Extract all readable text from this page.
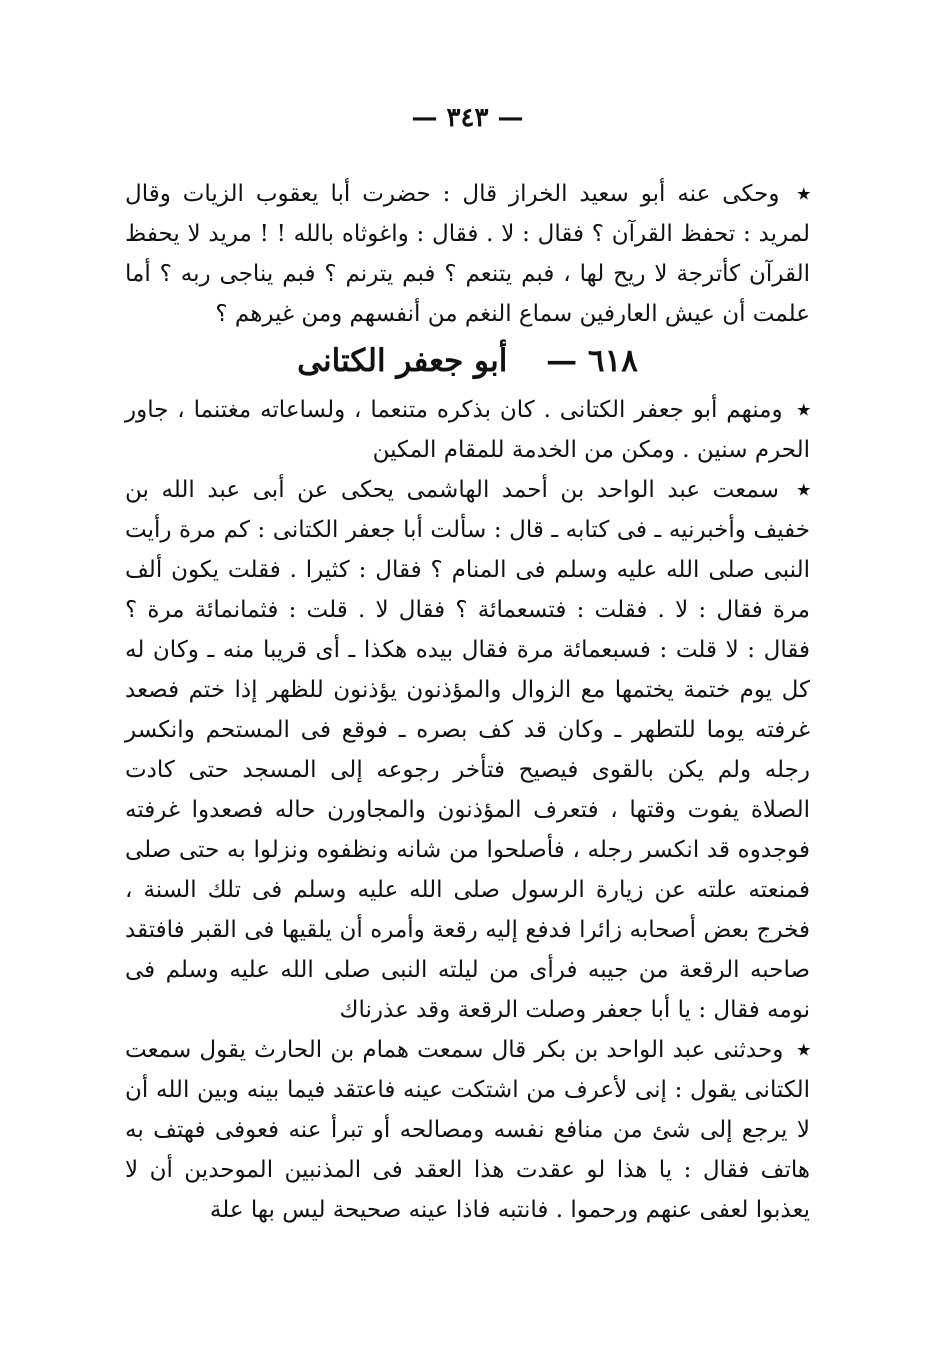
— ٣٤٣ —

٭ وحكى عنه أبو سعيد الخراز قال : حضرت أبا يعقوب الزيات وقال لمريد : تحفظ القرآن ؟ فقال : لا . فقال : واغوثاه بالله ! ! مريد لا يحفظ القرآن كأترجة لا ريح لها ، فبم يتنعم ؟ فبم يترنم ؟ فبم يناجى ربه ؟ أما علمت أن عيش العارفين سماع النغم من أنفسهم ومن غيرهم ؟

٦١٨ — أبو جعفر الكتانى

٭ ومنهم أبو جعفر الكتانى . كان بذكره متنعما ، ولساعاته مغتنما ، جاور الحرم سنين . ومكن من الخدمة للمقام المكين

٭ سمعت عبد الواحد بن أحمد الهاشمى يحكى عن أبى عبد الله بن خفيف وأخبرنيه ـ فى كتابه ـ قال : سألت أبا جعفر الكتانى : كم مرة رأيت النبى صلى الله عليه وسلم فى المنام ؟ فقال : كثيرا . فقلت يكون ألف مرة فقال : لا . فقلت : فتسعمائة ؟ فقال لا . قلت : فثمانمائة مرة ؟ فقال : لا قلت : فسبعمائة مرة فقال بيده هكذا ـ أى قريبا منه ـ وكان له كل يوم ختمة يختمها مع الزوال والمؤذنون يؤذنون للظهر إذا ختم فصعد غرفته يوما للتطهر ـ وكان قد كف بصره ـ فوقع فى المستحم وانكسر رجله ولم يكن بالقوى فيصيح فتأخر رجوعه إلى المسجد حتى كادت الصلاة يفوت وقتها ، فتعرف المؤذنون والمجاورن حاله فصعدوا غرفته فوجدوه قد انكسر رجله ، فأصلحوا من شانه ونظفوه ونزلوا به حتى صلى فمنعته علته عن زيارة الرسول صلى الله عليه وسلم فى تلك السنة ، فخرج بعض أصحابه زائرا فدفع إليه رقعة وأمره أن يلقيها فى القبر فافتقد صاحبه الرقعة من جيبه فرأى من ليلته النبى صلى الله عليه وسلم فى نومه فقال : يا أبا جعفر وصلت الرقعة وقد عذرناك

٭ وحدثنى عبد الواحد بن بكر قال سمعت همام بن الحارث يقول سمعت الكتانى يقول : إنى لأعرف من اشتكت عينه فاعتقد فيما بينه وبين الله أن لا يرجع إلى شئ من منافع نفسه ومصالحه أو تبرأ عنه فعوفى فهتف به هاتف فقال : يا هذا لو عقدت هذا العقد فى المذنبين الموحدين أن لا يعذبوا لعفى عنهم ورحموا . فانتبه فاذا عينه صحيحة ليس بها علة
